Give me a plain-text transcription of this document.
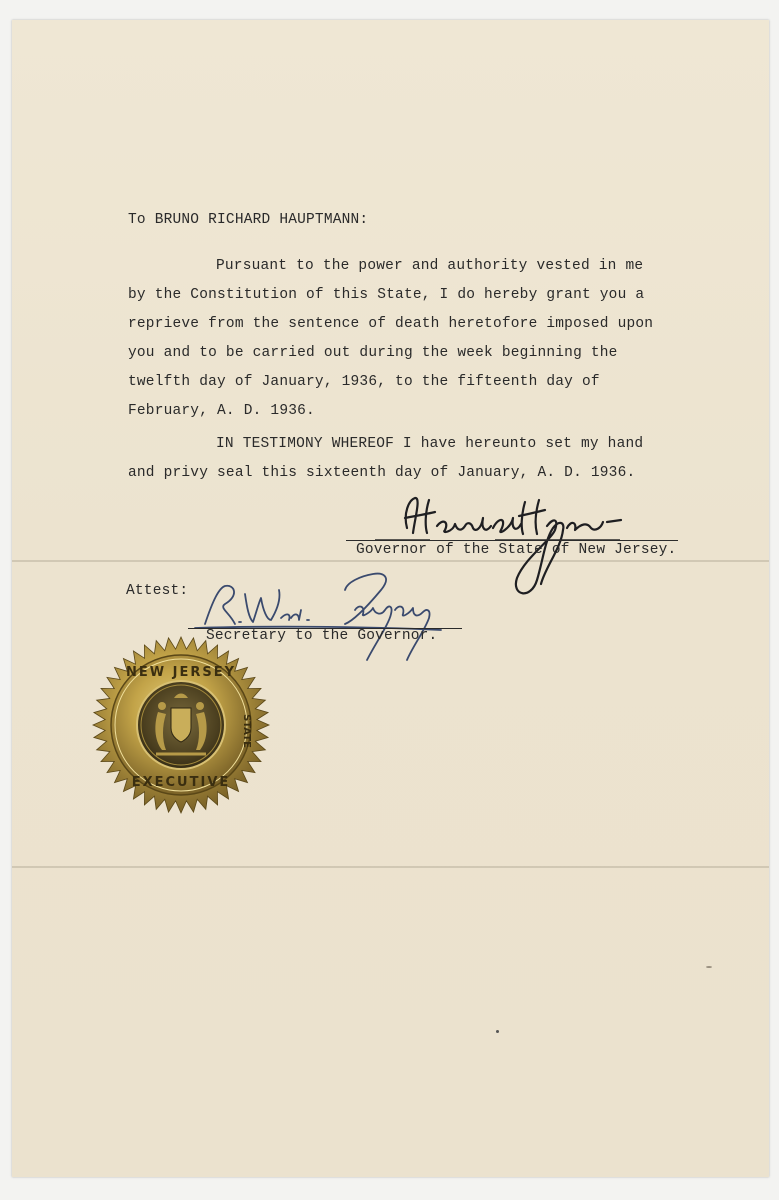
To BRUNO RICHARD HAUPTMANN:
Pursuant to the power and authority vested in me
by the Constitution of this State, I do hereby grant you a
reprieve from the sentence of death heretofore imposed upon
you and to be carried out during the week beginning the
twelfth day of January, 1936, to the fifteenth day of
February, A. D. 1936.
IN TESTIMONY WHEREOF I have hereunto set my hand
and privy seal this sixteenth day of January, A. D. 1936.
Governor of the State of New Jersey.
Attest:
Secretary to the Governor.
NEW JERSEY
EXECUTIVE
STATE
